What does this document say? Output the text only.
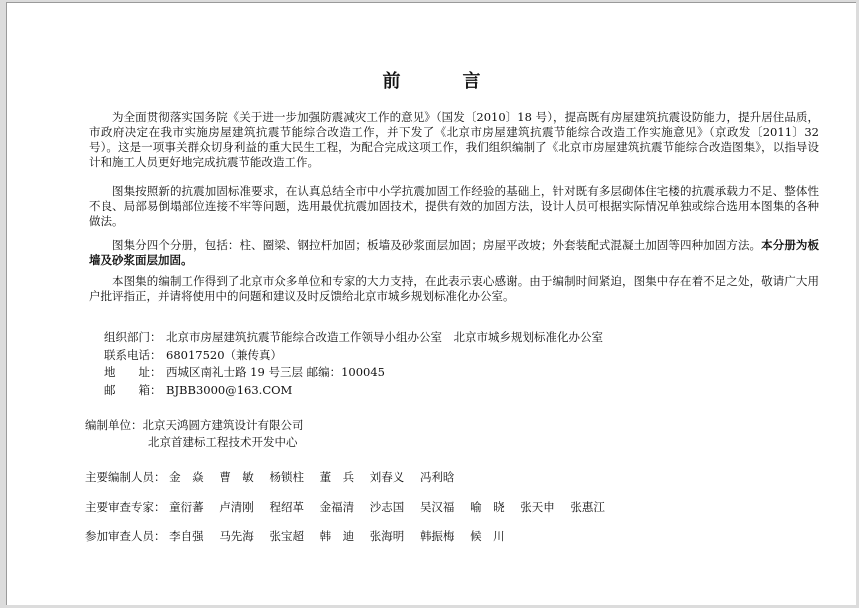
前　言

为全面贯彻落实国务院《关于进一步加强防震减灾工作的意见》（国发〔2010〕18 号），提高既有房屋建筑抗震设防能力，提升居住品质，市政府决定在我市实施房屋建筑抗震节能综合改造工作，并下发了《北京市房屋建筑抗震节能综合改造工作实施意见》（京政发〔2011〕32 号）。这是一项事关群众切身利益的重大民生工程，为配合完成这项工作，我们组织编制了《北京市房屋建筑抗震节能综合改造图集》，以指导设计和施工人员更好地完成抗震节能改造工作。

图集按照新的抗震加固标准要求，在认真总结全市中小学抗震加固工作经验的基础上，针对既有多层砌体住宅楼的抗震承载力不足、整体性不良、局部易倒塌部位连接不牢等问题，选用最优抗震加固技术，提供有效的加固方法，设计人员可根据实际情况单独或综合选用本图集的各种做法。

图集分四个分册，包括：柱、圈梁、钢拉杆加固；板墙及砂浆面层加固；房屋平改坡；外套装配式混凝土加固等四种加固方法。本分册为板墙及砂浆面层加固。

本图集的编制工作得到了北京市众多单位和专家的大力支持，在此表示衷心感谢。由于编制时间紧迫，图集中存在着不足之处，敬请广大用户批评指正，并请将使用中的问题和建议及时反馈给北京市城乡规划标准化办公室。

组织部门： 北京市房屋建筑抗震节能综合改造工作领导小组办公室　北京市城乡规划标准化办公室
联系电话： 68017520（兼传真）
地　　址： 西城区南礼士路 19 号三层 邮编：100045
邮　　箱： BJBB3000@163.COM
编制单位：北京天鸿圆方建筑设计有限公司
北京首建标工程技术开发中心
主要编制人员： 金　焱 曹　敏 杨锁柱 董　兵 刘春义 冯利晗
主要审查专家： 童衍蕃 卢清刚 程绍革 金福清 沙志国 吴汉福 喻　晓 张天申 张惠江
参加审查人员： 李自强 马先海 张宝超 韩　迪 张海明 韩振梅 候　川
